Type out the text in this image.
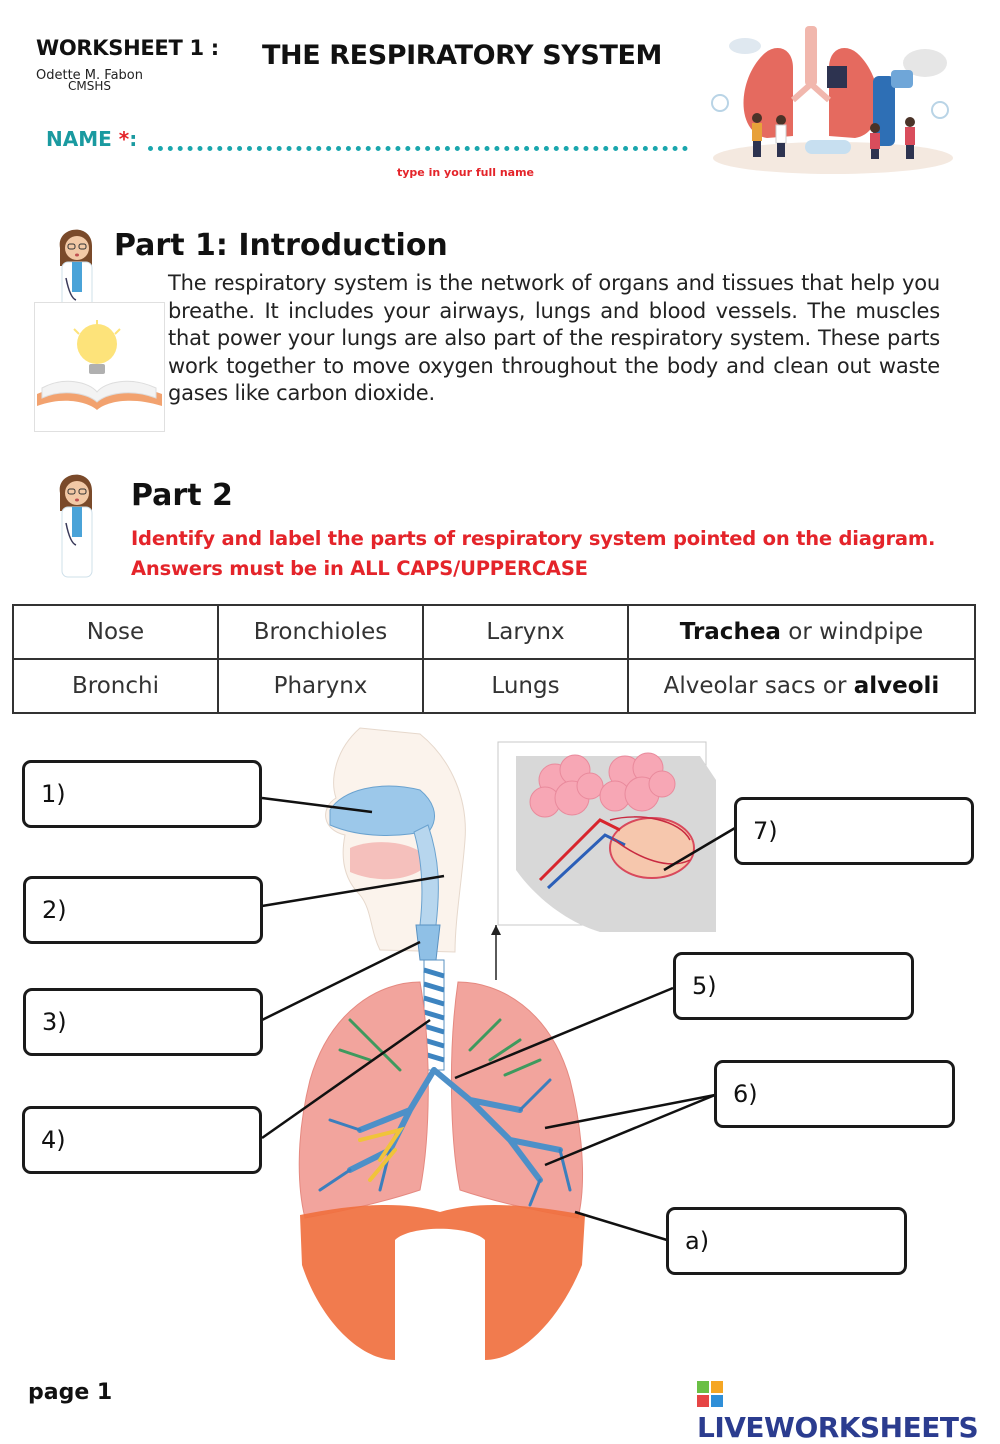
WORKSHEET 1 :
Odette M. Fabon
CMSHS
THE RESPIRATORY SYSTEM
NAME *:
type in your full name
Part 1: Introduction
The respiratory system is the network of organs and tissues that help you breathe. It includes your airways, lungs and blood vessels. The muscles that power your lungs are also part of the respiratory system. These parts work together to move oxygen throughout the body and clean out waste gases like carbon dioxide.
Part 2
Identify and label the parts of respiratory system pointed on the diagram.
Answers must be in ALL CAPS/UPPERCASE
Nose	Bronchioles	Larynx	Trachea or windpipe
Bronchi	Pharynx	Lungs	Alveolar sacs or alveoli
1)
2)
3)
4)
5)
6)
7)
a)
page 1
LIVEWORKSHEETS
